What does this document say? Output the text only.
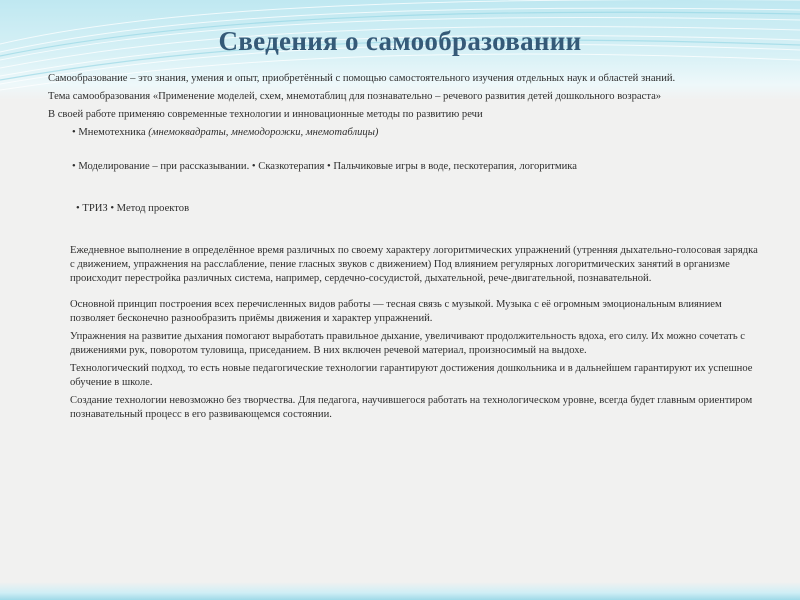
Сведения о самообразовании

Самообразование – это знания, умения и опыт, приобретённый с помощью самостоятельного изучения отдельных наук и областей знаний.

Тема самообразования «Применение моделей, схем, мнемотаблиц для познавательно – речевого развития детей дошкольного возраста»

В своей работе применяю современные технологии и инновационные методы по развитию речи

• Мнемотехника (мнемоквадраты, мнемодорожки, мнемотаблицы)
• Моделирование – при рассказывании. • Сказкотерапия • Пальчиковые игры в воде, пескотерапия, логоритмика
• ТРИЗ • Метод проектов

Ежедневное выполнение в определённое время различных по своему характеру логоритмических упражнений (утренняя дыхательно-голосовая зарядка с движением, упражнения на расслабление, пение гласных звуков с движением) Под влиянием регулярных логоритмических занятий в организме происходит перестройка различных система, например, сердечно-сосудистой, дыхательной, рече-двигательной, познавательной.

Основной принцип построения всех перечисленных видов работы — тесная связь с музыкой. Музыка с её огромным эмоциональным влиянием позволяет бесконечно разнообразить приёмы движения и характер упражнений.

Упражнения на развитие дыхания помогают выработать правильное дыхание, увеличивают продолжительность вдоха, его силу. Их можно сочетать с движениями рук, поворотом туловища, приседанием. В них включен речевой материал, произносимый на выдохе.

Технологический подход, то есть новые педагогические технологии гарантируют достижения дошкольника и в дальнейшем гарантируют их успешное обучение в школе.

Создание технологии невозможно без творчества. Для педагога, научившегося работать на технологическом уровне, всегда будет главным ориентиром познавательный процесс в его развивающемся состоянии.
